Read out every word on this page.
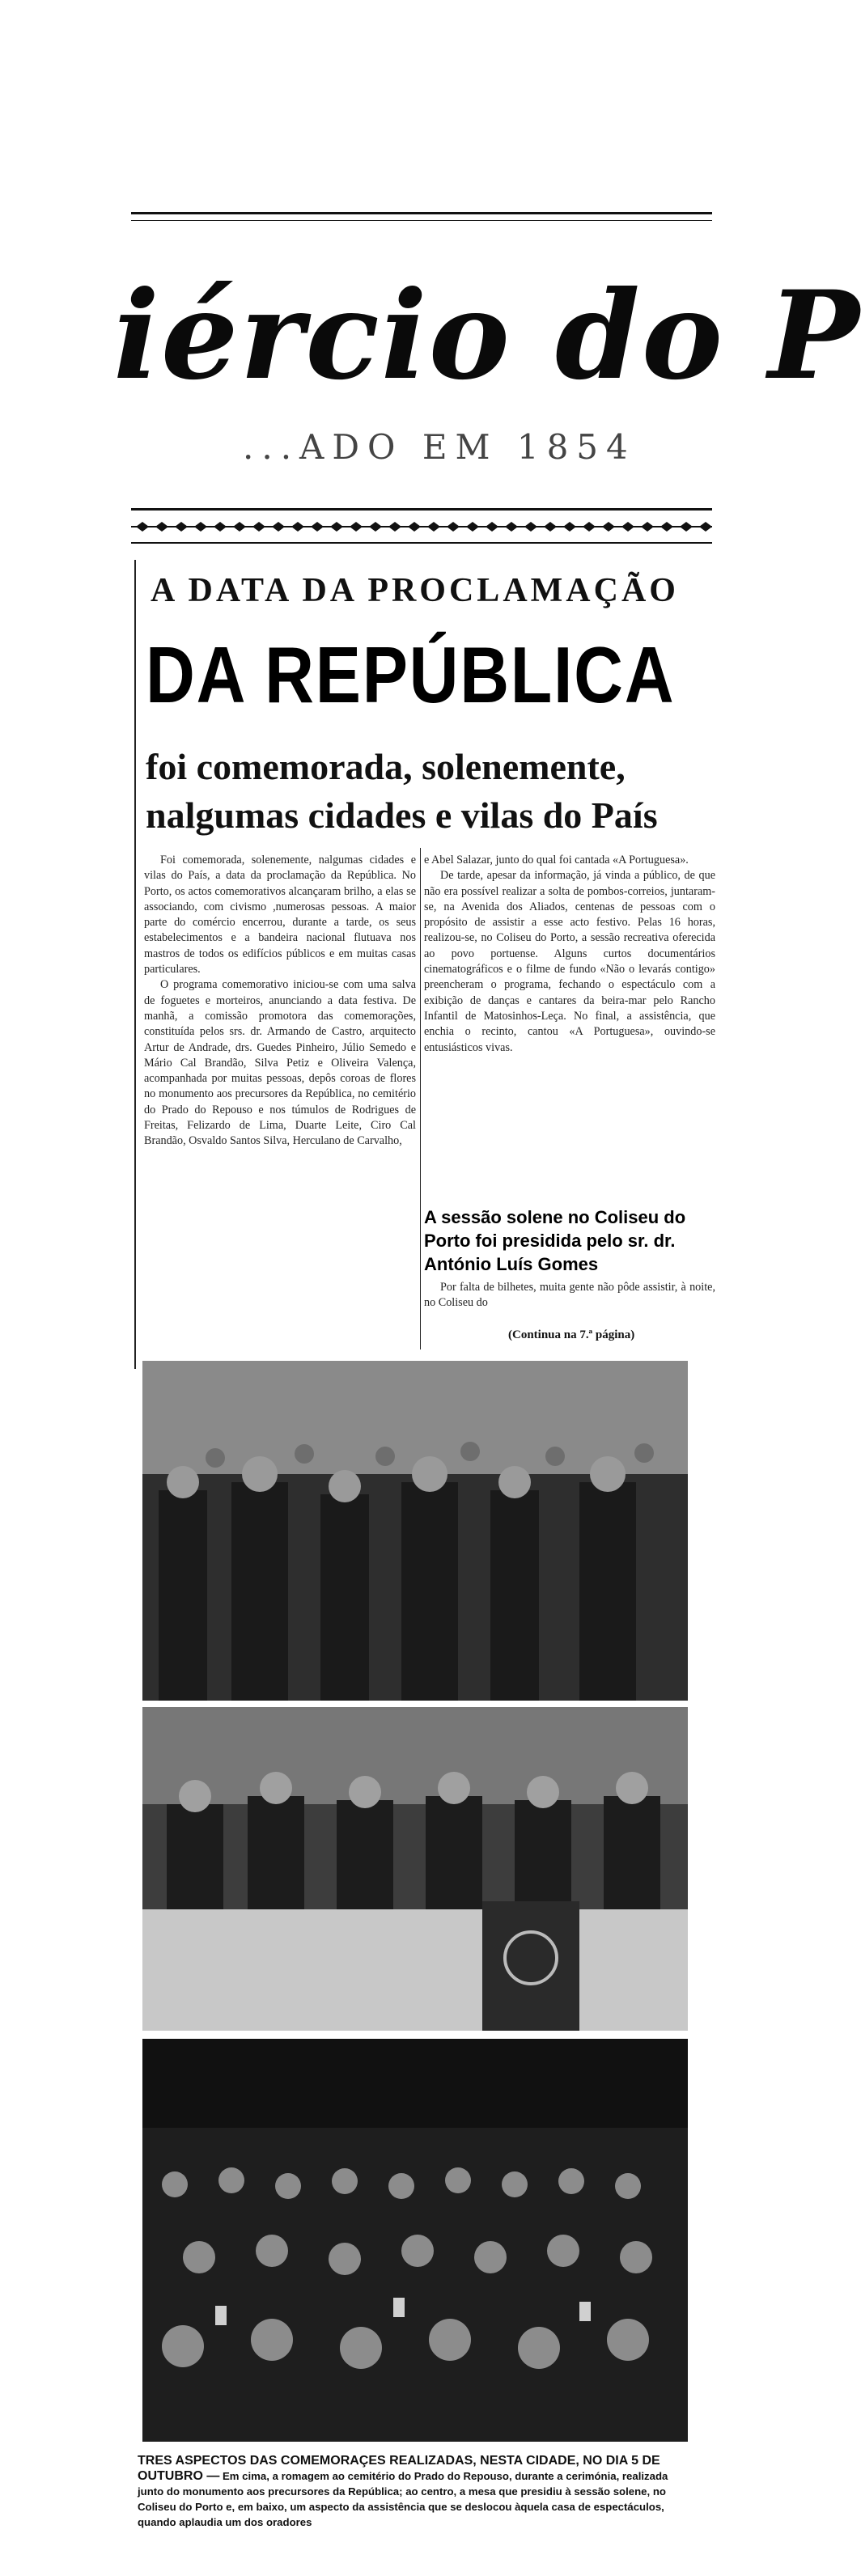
iércio do P
...ADO EM 1854
A DATA DA PROCLAMAÇÃO
DA REPÚBLICA
foi comemorada, solenemente,
nalgumas cidades e vilas do País

Foi comemorada, solenemente, nalgumas cidades e vilas do País, a data da proclamação da República. No Porto, os actos comemorativos alcançaram brilho, a elas se associando, com civismo ,numerosas pessoas. A maior parte do comércio encerrou, durante a tarde, os seus estabelecimentos e a bandeira nacional flutuava nos mastros de todos os edifícios públicos e em muitas casas particulares.

O programa comemorativo iniciou-se com uma salva de foguetes e morteiros, anunciando a data festiva. De manhã, a comissão promotora das comemorações, constituída pelos srs. dr. Armando de Castro, arquitecto Artur de Andrade, drs. Guedes Pinheiro, Júlio Semedo e Mário Cal Brandão, Silva Petiz e Oliveira Valença, acompanhada por muitas pessoas, depôs coroas de flores no monumento aos precursores da República, no cemitério do Prado do Repouso e nos túmulos de Rodrigues de Freitas, Felizardo de Lima, Duarte Leite, Ciro Cal Brandão, Osvaldo Santos Silva, Herculano de Carvalho,

e Abel Salazar, junto do qual foi cantada «A Portuguesa».

De tarde, apesar da informação, já vinda a público, de que não era possível realizar a solta de pombos-correios, juntaram-se, na Avenida dos Aliados, centenas de pessoas com o propósito de assistir a esse acto festivo. Pelas 16 horas, realizou-se, no Coliseu do Porto, a sessão recreativa oferecida ao povo portuense. Alguns curtos documentários cinematográficos e o filme de fundo «Não o levarás contigo» preencheram o programa, fechando o espectáculo com a exibição de danças e cantares da beira-mar pelo Rancho Infantil de Matosinhos-Leça. No final, a assistência, que enchia o recinto, cantou «A Portuguesa», ouvindo-se entusiásticos vivas.

A sessão solene no Coliseu do Porto foi presidida pelo sr. dr. António Luís Gomes

Por falta de bilhetes, muita gente não pôde assistir, à noite, no Coliseu do

(Continua na 7.ª página)
TRES ASPECTOS DAS COMEMORAÇES REALIZADAS, NESTA CIDADE, NO DIA 5 DE OUTUBRO — Em cima, a romagem ao cemitério do Prado do Repouso, durante a cerimónia, realizada junto do monumento aos precursores da República; ao centro, a mesa que presidiu à sessão solene, no Coliseu do Porto e, em baixo, um aspecto da assistência que se deslocou àquela casa de espectáculos, quando aplaudia um dos oradores
